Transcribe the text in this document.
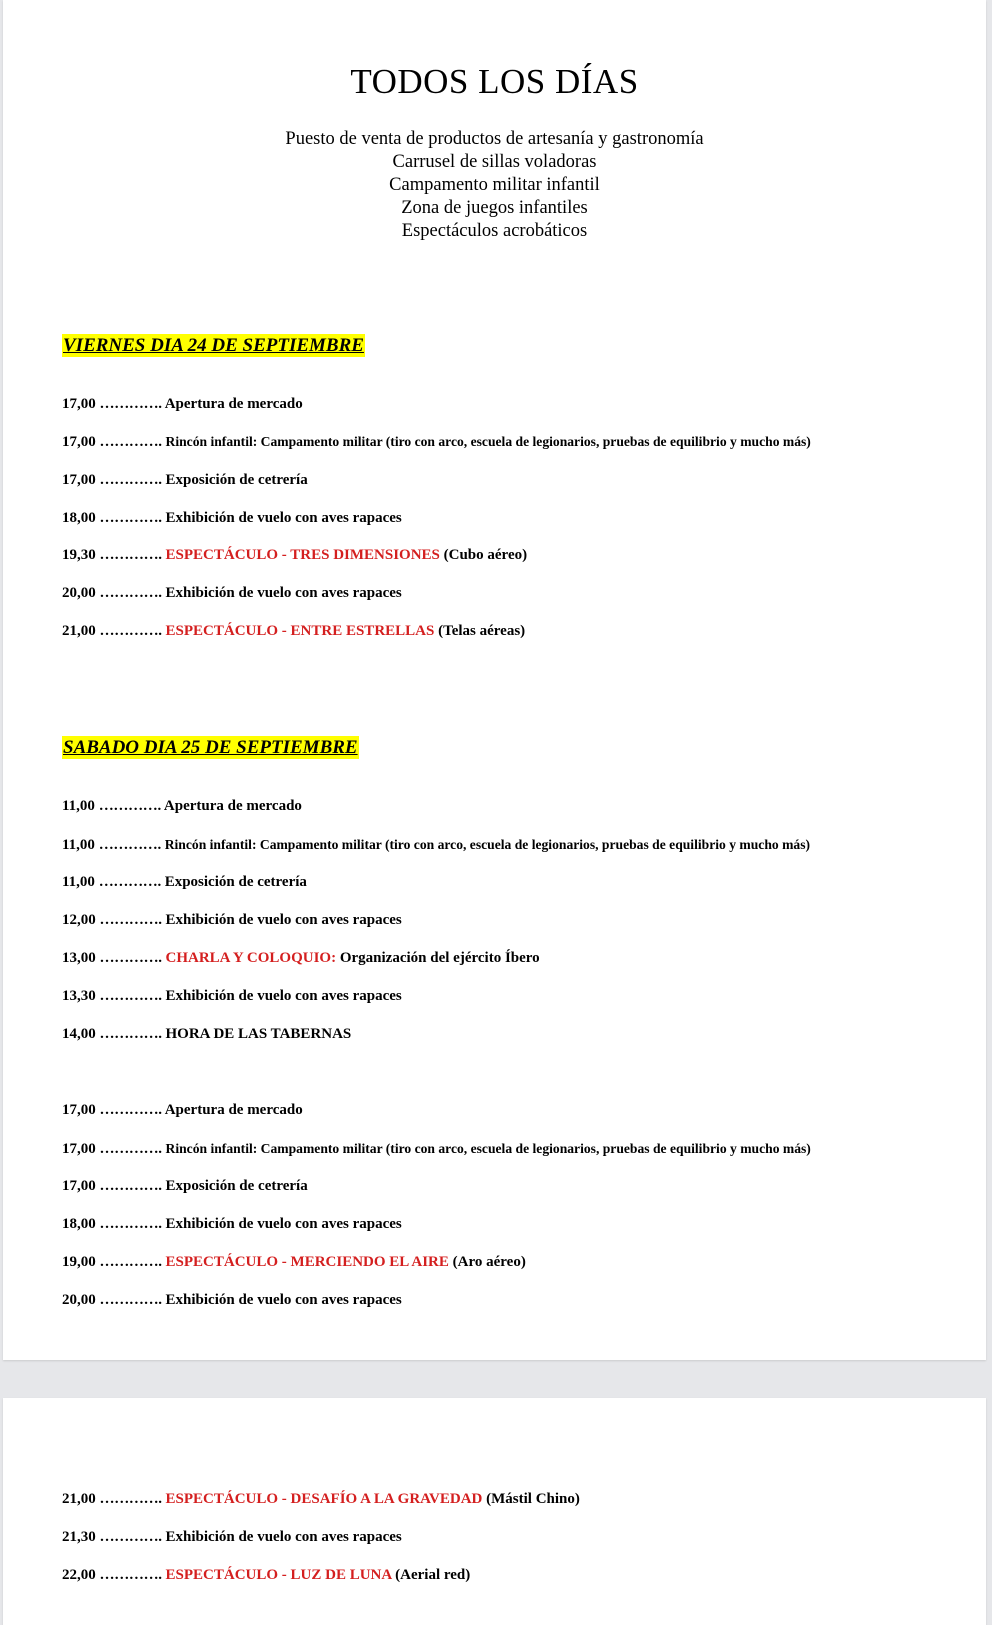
TODOS LOS DÍAS
Puesto de venta de productos de artesanía y gastronomía
Carrusel de sillas voladoras
Campamento militar infantil
Zona de juegos infantiles
Espectáculos acrobáticos
VIERNES DIA 24 DE SEPTIEMBRE
17,00 …………. Apertura de mercado
17,00 …………. Rincón infantil: Campamento militar (tiro con arco, escuela de legionarios, pruebas de equilibrio y mucho más)
17,00 …………. Exposición de cetrería
18,00 …………. Exhibición de vuelo con aves rapaces
19,30 …………. ESPECTÁCULO - TRES DIMENSIONES (Cubo aéreo)
20,00 …………. Exhibición de vuelo con aves rapaces
21,00 …………. ESPECTÁCULO - ENTRE ESTRELLAS (Telas aéreas)
SABADO DIA 25 DE SEPTIEMBRE
11,00 …………. Apertura de mercado
11,00 …………. Rincón infantil: Campamento militar (tiro con arco, escuela de legionarios, pruebas de equilibrio y mucho más)
11,00 …………. Exposición de cetrería
12,00 …………. Exhibición de vuelo con aves rapaces
13,00 …………. CHARLA Y COLOQUIO: Organización del ejército Íbero
13,30 …………. Exhibición de vuelo con aves rapaces
14,00 …………. HORA DE LAS TABERNAS
17,00 …………. Apertura de mercado
17,00 …………. Rincón infantil: Campamento militar (tiro con arco, escuela de legionarios, pruebas de equilibrio y mucho más)
17,00 …………. Exposición de cetrería
18,00 …………. Exhibición de vuelo con aves rapaces
19,00 …………. ESPECTÁCULO - MERCIENDO EL AIRE (Aro aéreo)
20,00 …………. Exhibición de vuelo con aves rapaces
21,00 …………. ESPECTÁCULO - DESAFÍO A LA GRAVEDAD (Mástil Chino)
21,30 …………. Exhibición de vuelo con aves rapaces
22,00 …………. ESPECTÁCULO - LUZ DE LUNA (Aerial red)
